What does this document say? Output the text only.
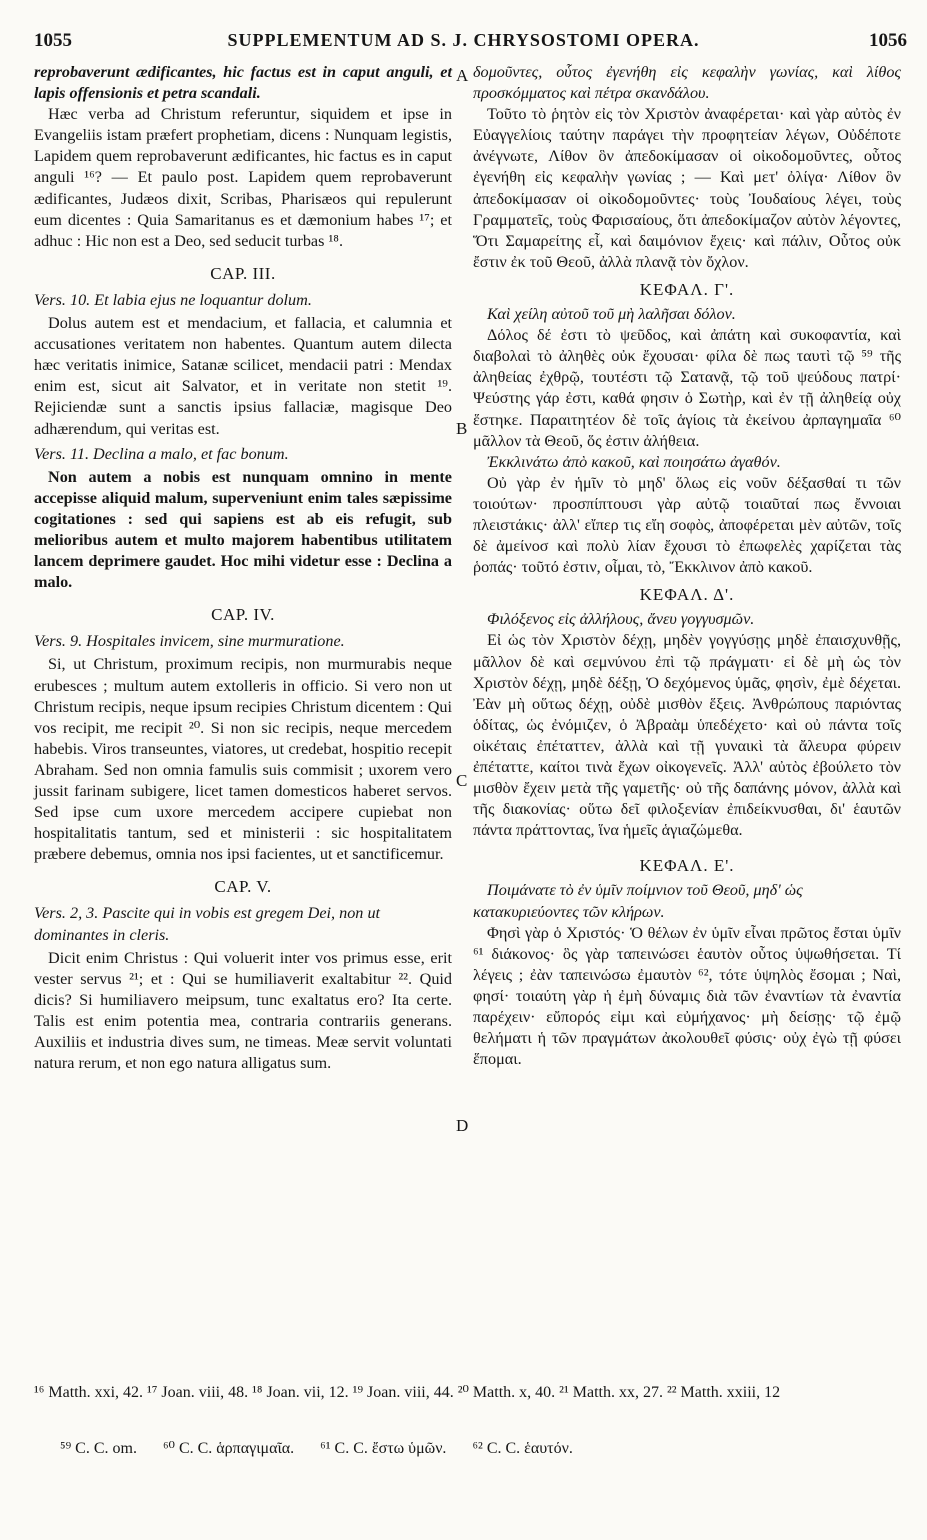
1055	SUPPLEMENTUM AD S. J. CHRYSOSTOMI OPERA.	1056
A
B
C
D

reprobaverunt ædificantes, hic factus est in caput anguli, et lapis offensionis et petra scandali.

Hæc verba ad Christum referuntur, siquidem et ipse in Evangeliis istam præfert prophetiam, dicens : Nunquam legistis, Lapidem quem reprobaverunt ædificantes, hic factus es in caput anguli ¹⁶? — Et paulo post. Lapidem quem reprobaverunt ædificantes, Judæos dixit, Scribas, Pharisæos qui repulerunt eum dicentes : Quia Samaritanus es et dæmonium habes ¹⁷; et adhuc : Hic non est a Deo, sed seducit turbas ¹⁸.

CAP. III.
Vers. 10. Et labia ejus ne loquantur dolum.

Dolus autem est et mendacium, et fallacia, et calumnia et accusationes veritatem non habentes. Quantum autem dilecta hæc veritatis inimice, Satanæ scilicet, mendacii patri : Mendax enim est, sicut ait Salvator, et in veritate non stetit ¹⁹. Rejiciendæ sunt a sanctis ipsius fallaciæ, magisque Deo adhærendum, qui veritas est.

Vers. 11. Declina a malo, et fac bonum.

Non autem a nobis est nunquam omnino in mente accepisse aliquid malum, superveniunt enim tales sæpissime cogitationes : sed qui sapiens est ab eis refugit, sub melioribus autem et multo majorem habentibus utilitatem lancem deprimere gaudet. Hoc mihi videtur esse : Declina a malo.

CAP. IV.
Vers. 9. Hospitales invicem, sine murmuratione.

Si, ut Christum, proximum recipis, non murmurabis neque erubesces ; multum autem extolleris in officio. Si vero non ut Christum recipis, neque ipsum recipies Christum dicentem : Qui vos recipit, me recipit ²⁰. Si non sic recipis, neque mercedem habebis. Viros transeuntes, viatores, ut credebat, hospitio recepit Abraham. Sed non omnia famulis suis commisit ; uxorem vero jussit farinam subigere, licet tamen domesticos haberet servos. Sed ipse cum uxore mercedem accipere cupiebat non hospitalitatis tantum, sed et ministerii : sic hospitalitatem præbere debemus, omnia nos ipsi facientes, ut et sanctificemur.

CAP. V.
Vers. 2, 3. Pascite qui in vobis est gregem Dei, non ut dominantes in cleris.

Dicit enim Christus : Qui voluerit inter vos primus esse, erit vester servus ²¹; et : Qui se humiliaverit exaltabitur ²². Quid dicis? Si humiliavero meipsum, tunc exaltatus ero? Ita certe. Talis est enim potentia mea, contraria contrariis generans. Auxiliis et industria dives sum, ne timeas. Meæ servit voluntati natura rerum, et non ego natura alligatus sum.

δομοῦντες, οὗτος ἐγενήθη εἰς κεφαλὴν γωνίας, καὶ λίθος προσκόμματος καὶ πέτρα σκανδάλου.

Τοῦτο τὸ ῥητὸν εἰς τὸν Χριστὸν ἀναφέρεται· καὶ γὰρ αὐτὸς ἐν Εὐαγγελίοις ταύτην παράγει τὴν προφητείαν λέγων, Οὐδέποτε ἀνέγνωτε, Λίθον ὃν ἀπεδοκίμασαν οἱ οἰκοδομοῦντες, οὗτος ἐγενήθη εἰς κεφαλὴν γωνίας ; — Καὶ μετ' ὀλίγα· Λίθον ὃν ἀπεδοκίμασαν οἱ οἰκοδομοῦντες· τοὺς Ἰουδαίους λέγει, τοὺς Γραμματεῖς, τοὺς Φαρισαίους, ὅτι ἀπεδοκίμαζον αὐτὸν λέγοντες, Ὅτι Σαμαρείτης εἶ, καὶ δαιμόνιον ἔχεις· καὶ πάλιν, Οὗτος οὐκ ἔστιν ἐκ τοῦ Θεοῦ, ἀλλὰ πλανᾷ τὸν ὄχλον.

ΚΕΦΑΛ. Γ'.

Καὶ χείλη αὐτοῦ τοῦ μὴ λαλῆσαι δόλον.

Δόλος δέ ἐστι τὸ ψεῦδος, καὶ ἀπάτη καὶ συκοφαντία, καὶ διαβολαὶ τὸ ἀληθὲς οὐκ ἔχουσαι· φίλα δὲ πως ταυτὶ τῷ ⁵⁹ τῆς ἀληθείας ἐχθρῷ, τουτέστι τῷ Σατανᾷ, τῷ τοῦ ψεύδους πατρί· Ψεύστης γάρ ἐστι, καθά φησιν ὁ Σωτὴρ, καὶ ἐν τῇ ἀληθείᾳ οὐχ ἕστηκε. Παραιτητέον δὲ τοῖς ἁγίοις τὰ ἐκείνου ἀρπαγημαῖα ⁶⁰ μᾶλλον τὰ Θεοῦ, ὅς ἐστιν ἀλήθεια.

Ἐκκλινάτω ἀπὸ κακοῦ, καὶ ποιησάτω ἀγαθόν.

Οὐ γὰρ ἐν ἡμῖν τὸ μηδ' ὅλως εἰς νοῦν δέξασθαί τι τῶν τοιούτων· προσπίπτουσι γὰρ αὐτῷ τοιαῦταί πως ἔννοιαι πλειστάκις· ἀλλ' εἴπερ τις εἴη σοφὸς, ἀποφέρεται μὲν αὐτῶν, τοῖς δὲ ἀμείνοσ καὶ πολὺ λίαν ἔχουσι τὸ ἐπωφελὲς χαρίζεται τὰς ῥοπάς· τοῦτό ἐστιν, οἶμαι, τὸ, Ἔκκλινον ἀπὸ κακοῦ.

ΚΕΦΑΛ. Δ'.

Φιλόξενος εἰς ἀλλήλους, ἄνευ γογγυσμῶν.

Εἰ ὡς τὸν Χριστὸν δέχῃ, μηδὲν γογγύσῃς μηδὲ ἐπαισχυνθῇς, μᾶλλον δὲ καὶ σεμνύνου ἐπὶ τῷ πράγματι· εἰ δὲ μὴ ὡς τὸν Χριστὸν δέχῃ, μηδὲ δέξῃ, Ὁ δεχόμενος ὑμᾶς, φησὶν, ἐμὲ δέχεται. Ἐὰν μὴ οὕτως δέχῃ, οὐδὲ μισθὸν ἕξεις. Ἀνθρώπους παριόντας ὁδίτας, ὡς ἐνόμιζεν, ὁ Ἀβραὰμ ὑπεδέχετο· καὶ οὐ πάντα τοῖς οἰκέταις ἐπέταττεν, ἀλλὰ καὶ τῇ γυναικὶ τὰ ἄλευρα φύρειν ἐπέταττε, καίτοι τινὰ ἔχων οἰκογενεῖς. Ἀλλ' αὐτὸς ἐβούλετο τὸν μισθὸν ἔχειν μετὰ τῆς γαμετῆς· οὐ τῆς δαπάνης μόνον, ἀλλὰ καὶ τῆς διακονίας· οὕτω δεῖ φιλοξενίαν ἐπιδείκνυσθαι, δι' ἑαυτῶν πάντα πράττοντας, ἵνα ἡμεῖς ἁγιαζώμεθα.

ΚΕΦΑΛ. Ε'.

Ποιμάνατε τὸ ἐν ὑμῖν ποίμνιον τοῦ Θεοῦ, μηδ' ὡς κατακυριεύοντες τῶν κλήρων.

Φησὶ γὰρ ὁ Χριστός· Ὁ θέλων ἐν ὑμῖν εἶναι πρῶτος ἔσται ὑμῖν ⁶¹ διάκονος· ὃς γὰρ ταπεινώσει ἑαυτὸν οὗτος ὑψωθήσεται. Τί λέγεις ; ἐὰν ταπεινώσω ἐμαυτὸν ⁶², τότε ὑψηλὸς ἔσομαι ; Ναὶ, φησί· τοιαύτη γὰρ ἡ ἐμὴ δύναμις διὰ τῶν ἐναντίων τὰ ἐναντία παρέχειν· εὔπορός εἰμι καὶ εὐμήχανος· μὴ δείσῃς· τῷ ἐμῷ θελήματι ἡ τῶν πραγμάτων ἀκολουθεῖ φύσις· οὐχ ἐγὼ τῇ φύσει ἕπομαι.

¹⁶ Matth. xxi, 42. ¹⁷ Joan. viii, 48. ¹⁸ Joan. vii, 12. ¹⁹ Joan. viii, 44. ²⁰ Matth. x, 40. ²¹ Matth. xx, 27. ²² Matth. xxiii, 12
⁵⁹ C. C. om. ⁶⁰ C. C. ἁρπαγιμαῖα. ⁶¹ C. C. ἔστω ὑμῶν. ⁶² C. C. ἑαυτόν.
